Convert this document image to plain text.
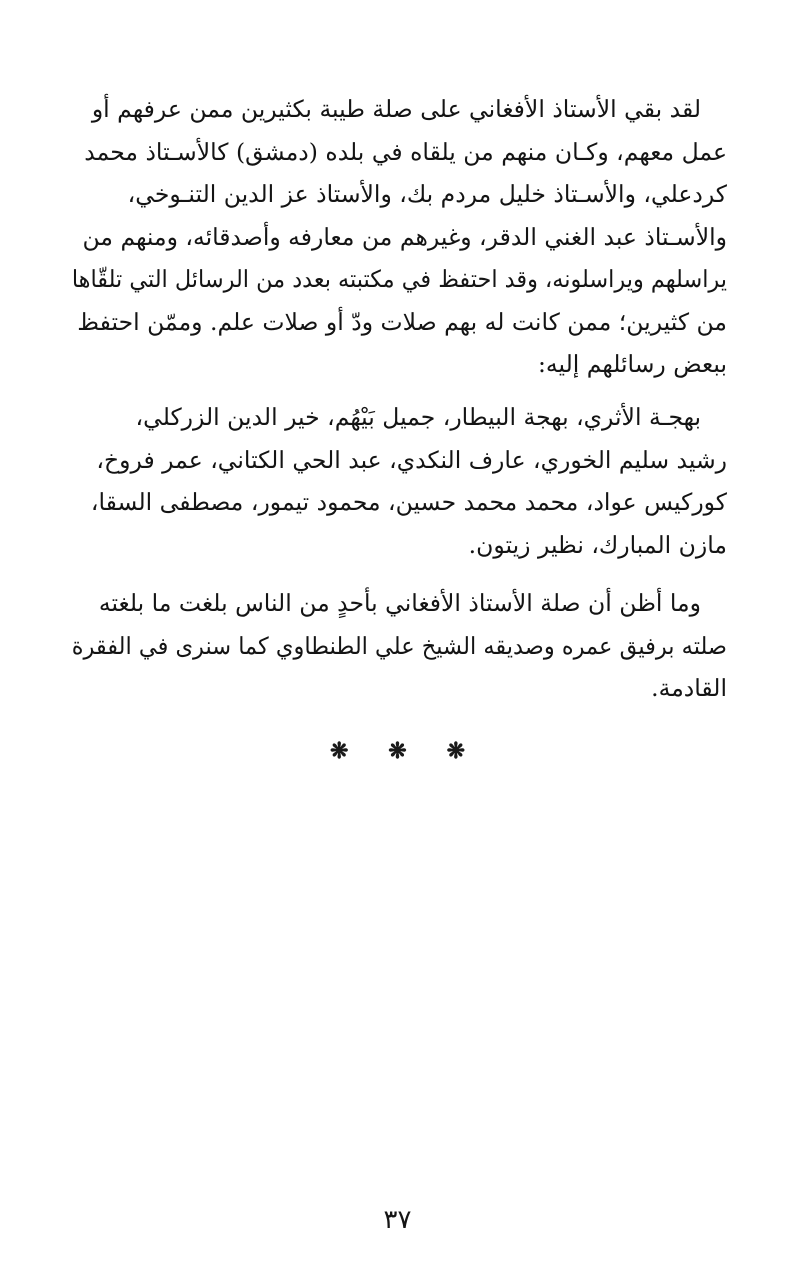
لقد بقي الأستاذ الأفغاني على صلة طيبة بكثيرين ممن عرفهم أو
عمل معهم، وكـان منهم من يلقاه في بلده (دمشق) كالأسـتاذ محمد
كردعلي، والأسـتاذ خليل مردم بك، والأستاذ عز الدين التنـوخي،
والأسـتاذ عبد الغني الدقر، وغيرهم من معارفه وأصدقائه، ومنهم من
يراسلهم ويراسلونه، وقد احتفظ في مكتبته بعدد من الرسائل التي تلقّاها
من كثيرين؛ ممن كانت له بهم صلات ودّ أو صلات علم. وممّن احتفظ
ببعض رسائلهم إليه:
بهجـة الأثري، بهجة البيطار، جميل بَيْهُم، خير الدين الزركلي،
رشيد سليم الخوري، عارف النكدي، عبد الحي الكتاني، عمر فروخ،
كوركيس عواد، محمد محمد حسين، محمود تيمور، مصطفى السقا،
مازن المبارك، نظير زيتون.
وما أظن أن صلة الأستاذ الأفغاني بأحدٍ من الناس بلغت ما بلغته
صلته برفيق عمره وصديقه الشيخ علي الطنطاوي كما سنرى في الفقرة
القادمة.
❋ ❋ ❋
٣٧
